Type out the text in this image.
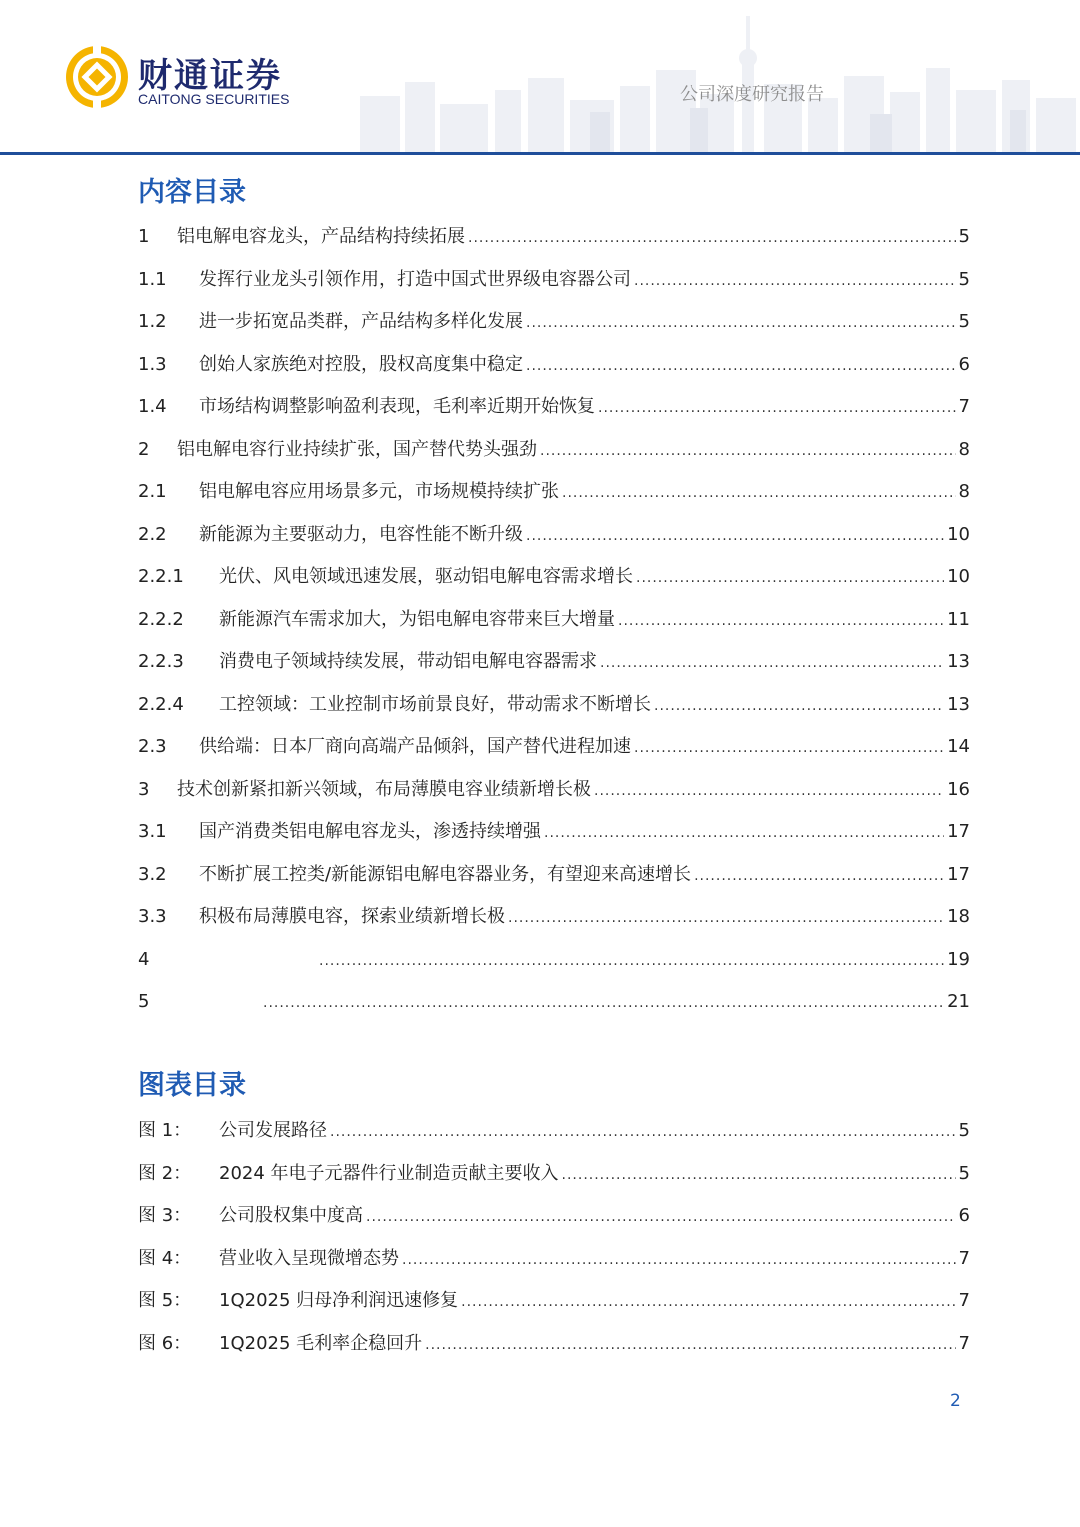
财通证券
CAITONG SECURITIES	公司深度研究报告
内容目录
1	铝电解电容龙头，产品结构持续拓展 .....	5
1.1	发挥行业龙头引领作用，打造中国式世界级电容器公司 .....	5
1.2	进一步拓宽品类群，产品结构多样化发展 .....	5
1.3	创始人家族绝对控股，股权高度集中稳定 .....	6
1.4	市场结构调整影响盈利表现，毛利率近期开始恢复 .....	7
2	铝电解电容行业持续扩张，国产替代势头强劲 .....	8
2.1	铝电解电容应用场景多元，市场规模持续扩张 .....	8
2.2	新能源为主要驱动力，电容性能不断升级 .....	10
2.2.1	光伏、风电领域迅速发展，驱动铝电解电容需求增长 .....	10
2.2.2	新能源汽车需求加大，为铝电解电容带来巨大增量 .....	11
2.2.3	消费电子领域持续发展，带动铝电解电容器需求 .....	13
2.2.4	工控领域：工业控制市场前景良好，带动需求不断增长 .....	13
2.3	供给端：日本厂商向高端产品倾斜，国产替代进程加速 .....	14
3	技术创新紧扣新兴领域，布局薄膜电容业绩新增长极 .....	16
3.1	国产消费类铝电解电容龙头，渗透持续增强 .....	17
3.2	不断扩展工控类/新能源铝电解电容器业务，有望迎来高速增长 .....	17
3.3	积极布局薄膜电容，探索业绩新增长极 .....	18
4 .....	19
5 .....	21
图表目录
图 1：	公司发展路径 .....	5
图 2：	2024 年电子元器件行业制造贡献主要收入 .....	5
图 3：	公司股权集中度高 .....	6
图 4：	营业收入呈现微增态势 .....	7
图 5：	1Q2025 归母净利润迅速修复 .....	7
图 6：	1Q2025 毛利率企稳回升 .....	7
2
